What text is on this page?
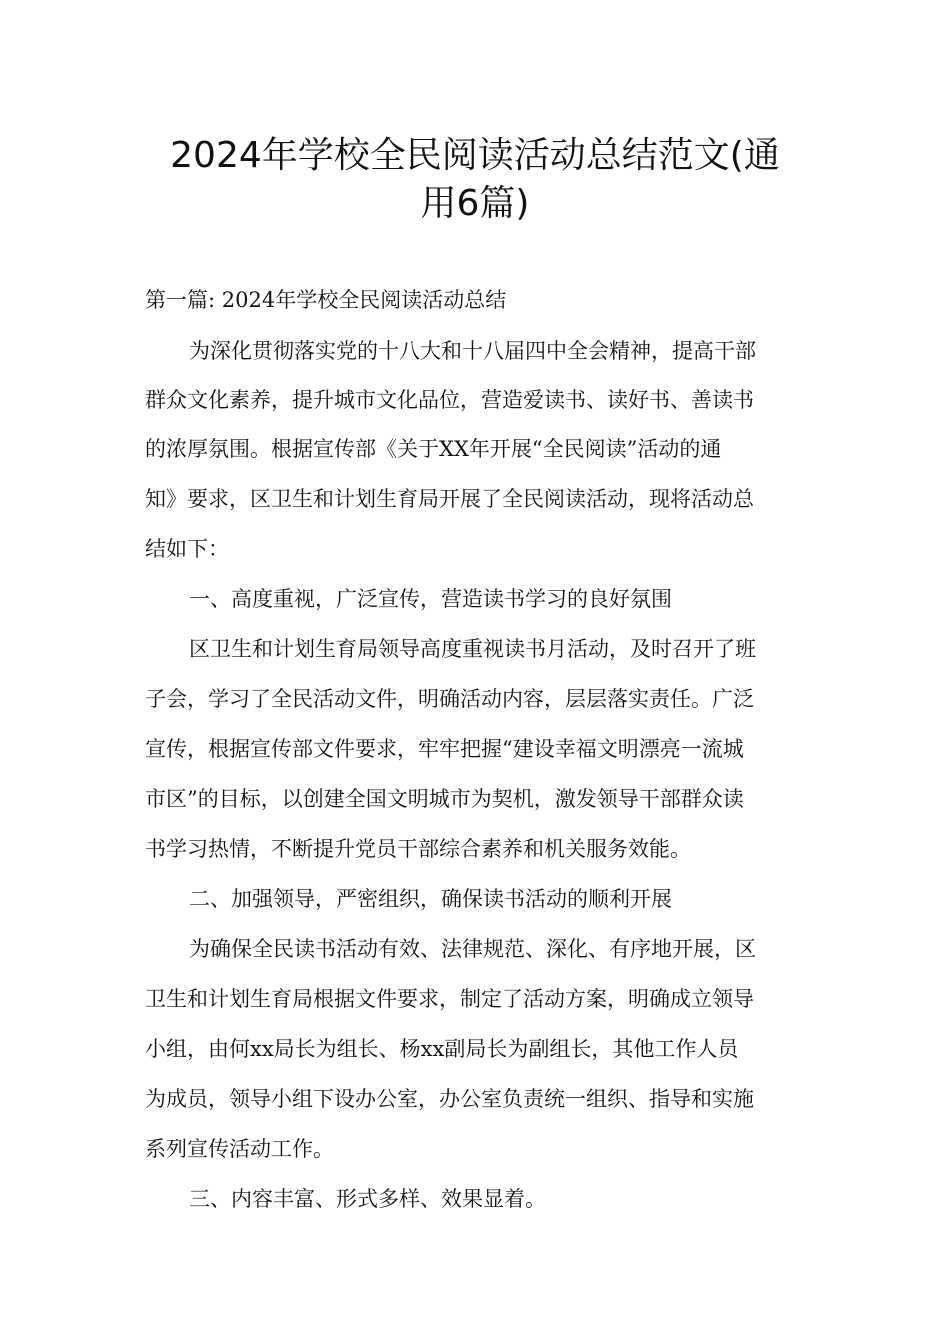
2024年学校全民阅读活动总结范文(通
用6篇)

第一篇: 2024年学校全民阅读活动总结

为深化贯彻落实党的十八大和十八届四中全会精神，提高干部

群众文化素养，提升城市文化品位，营造爱读书、读好书、善读书

的浓厚氛围。根据宣传部《关于XX年开展“全民阅读”活动的通

知》要求，区卫生和计划生育局开展了全民阅读活动，现将活动总

结如下：

一、高度重视，广泛宣传，营造读书学习的良好氛围

区卫生和计划生育局领导高度重视读书月活动，及时召开了班

子会，学习了全民活动文件，明确活动内容，层层落实责任。广泛

宣传，根据宣传部文件要求，牢牢把握“建设幸福文明漂亮一流城

市区”的目标，以创建全国文明城市为契机，激发领导干部群众读

书学习热情，不断提升党员干部综合素养和机关服务效能。

二、加强领导，严密组织，确保读书活动的顺利开展

为确保全民读书活动有效、法律规范、深化、有序地开展，区

卫生和计划生育局根据文件要求，制定了活动方案，明确成立领导

小组，由何xx局长为组长、杨xx副局长为副组长，其他工作人员

为成员，领导小组下设办公室，办公室负责统一组织、指导和实施

系列宣传活动工作。

三、内容丰富、形式多样、效果显着。
